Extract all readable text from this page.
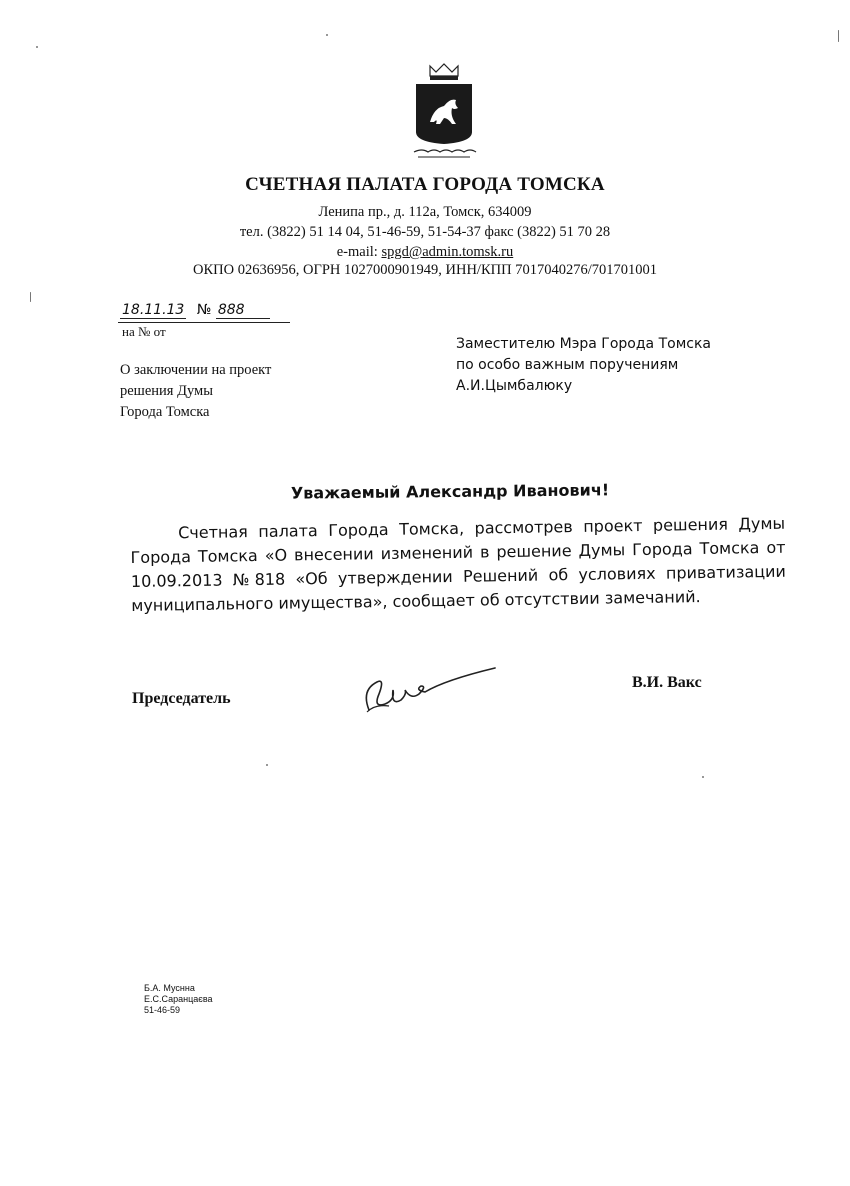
СЧЕТНАЯ ПАЛАТА ГОРОДА ТОМСКА
Ленипа пр., д. 112а, Томск, 634009
тел. (3822) 51 14 04, 51-46-59, 51-54-37 факс (3822) 51 70 28
e-mail: spgd@admin.tomsk.ru
ОКПО 02636956, ОГРН 1027000901949, ИНН/КПП 7017040276/701701001
18.11.13 № 888
на № от
О заключении на проект
решения Думы
Города Томска
Заместителю Мэра Города Томска
по особо важным поручениям
А.И.Цымбалюку
Уважаемый Александр Иванович!
Счетная палата Города Томска, рассмотрев проект решения Думы Города Томска «О внесении изменений в решение Думы Города Томска от 10.09.2013 №818 «Об утверждении Решений об условиях приватизации муниципального имущества», сообщает об отсутствии замечаний.
Председатель
В.И. Вакс
Б.А. Муснна
Е.С.Саранцаєва
51-46-59
